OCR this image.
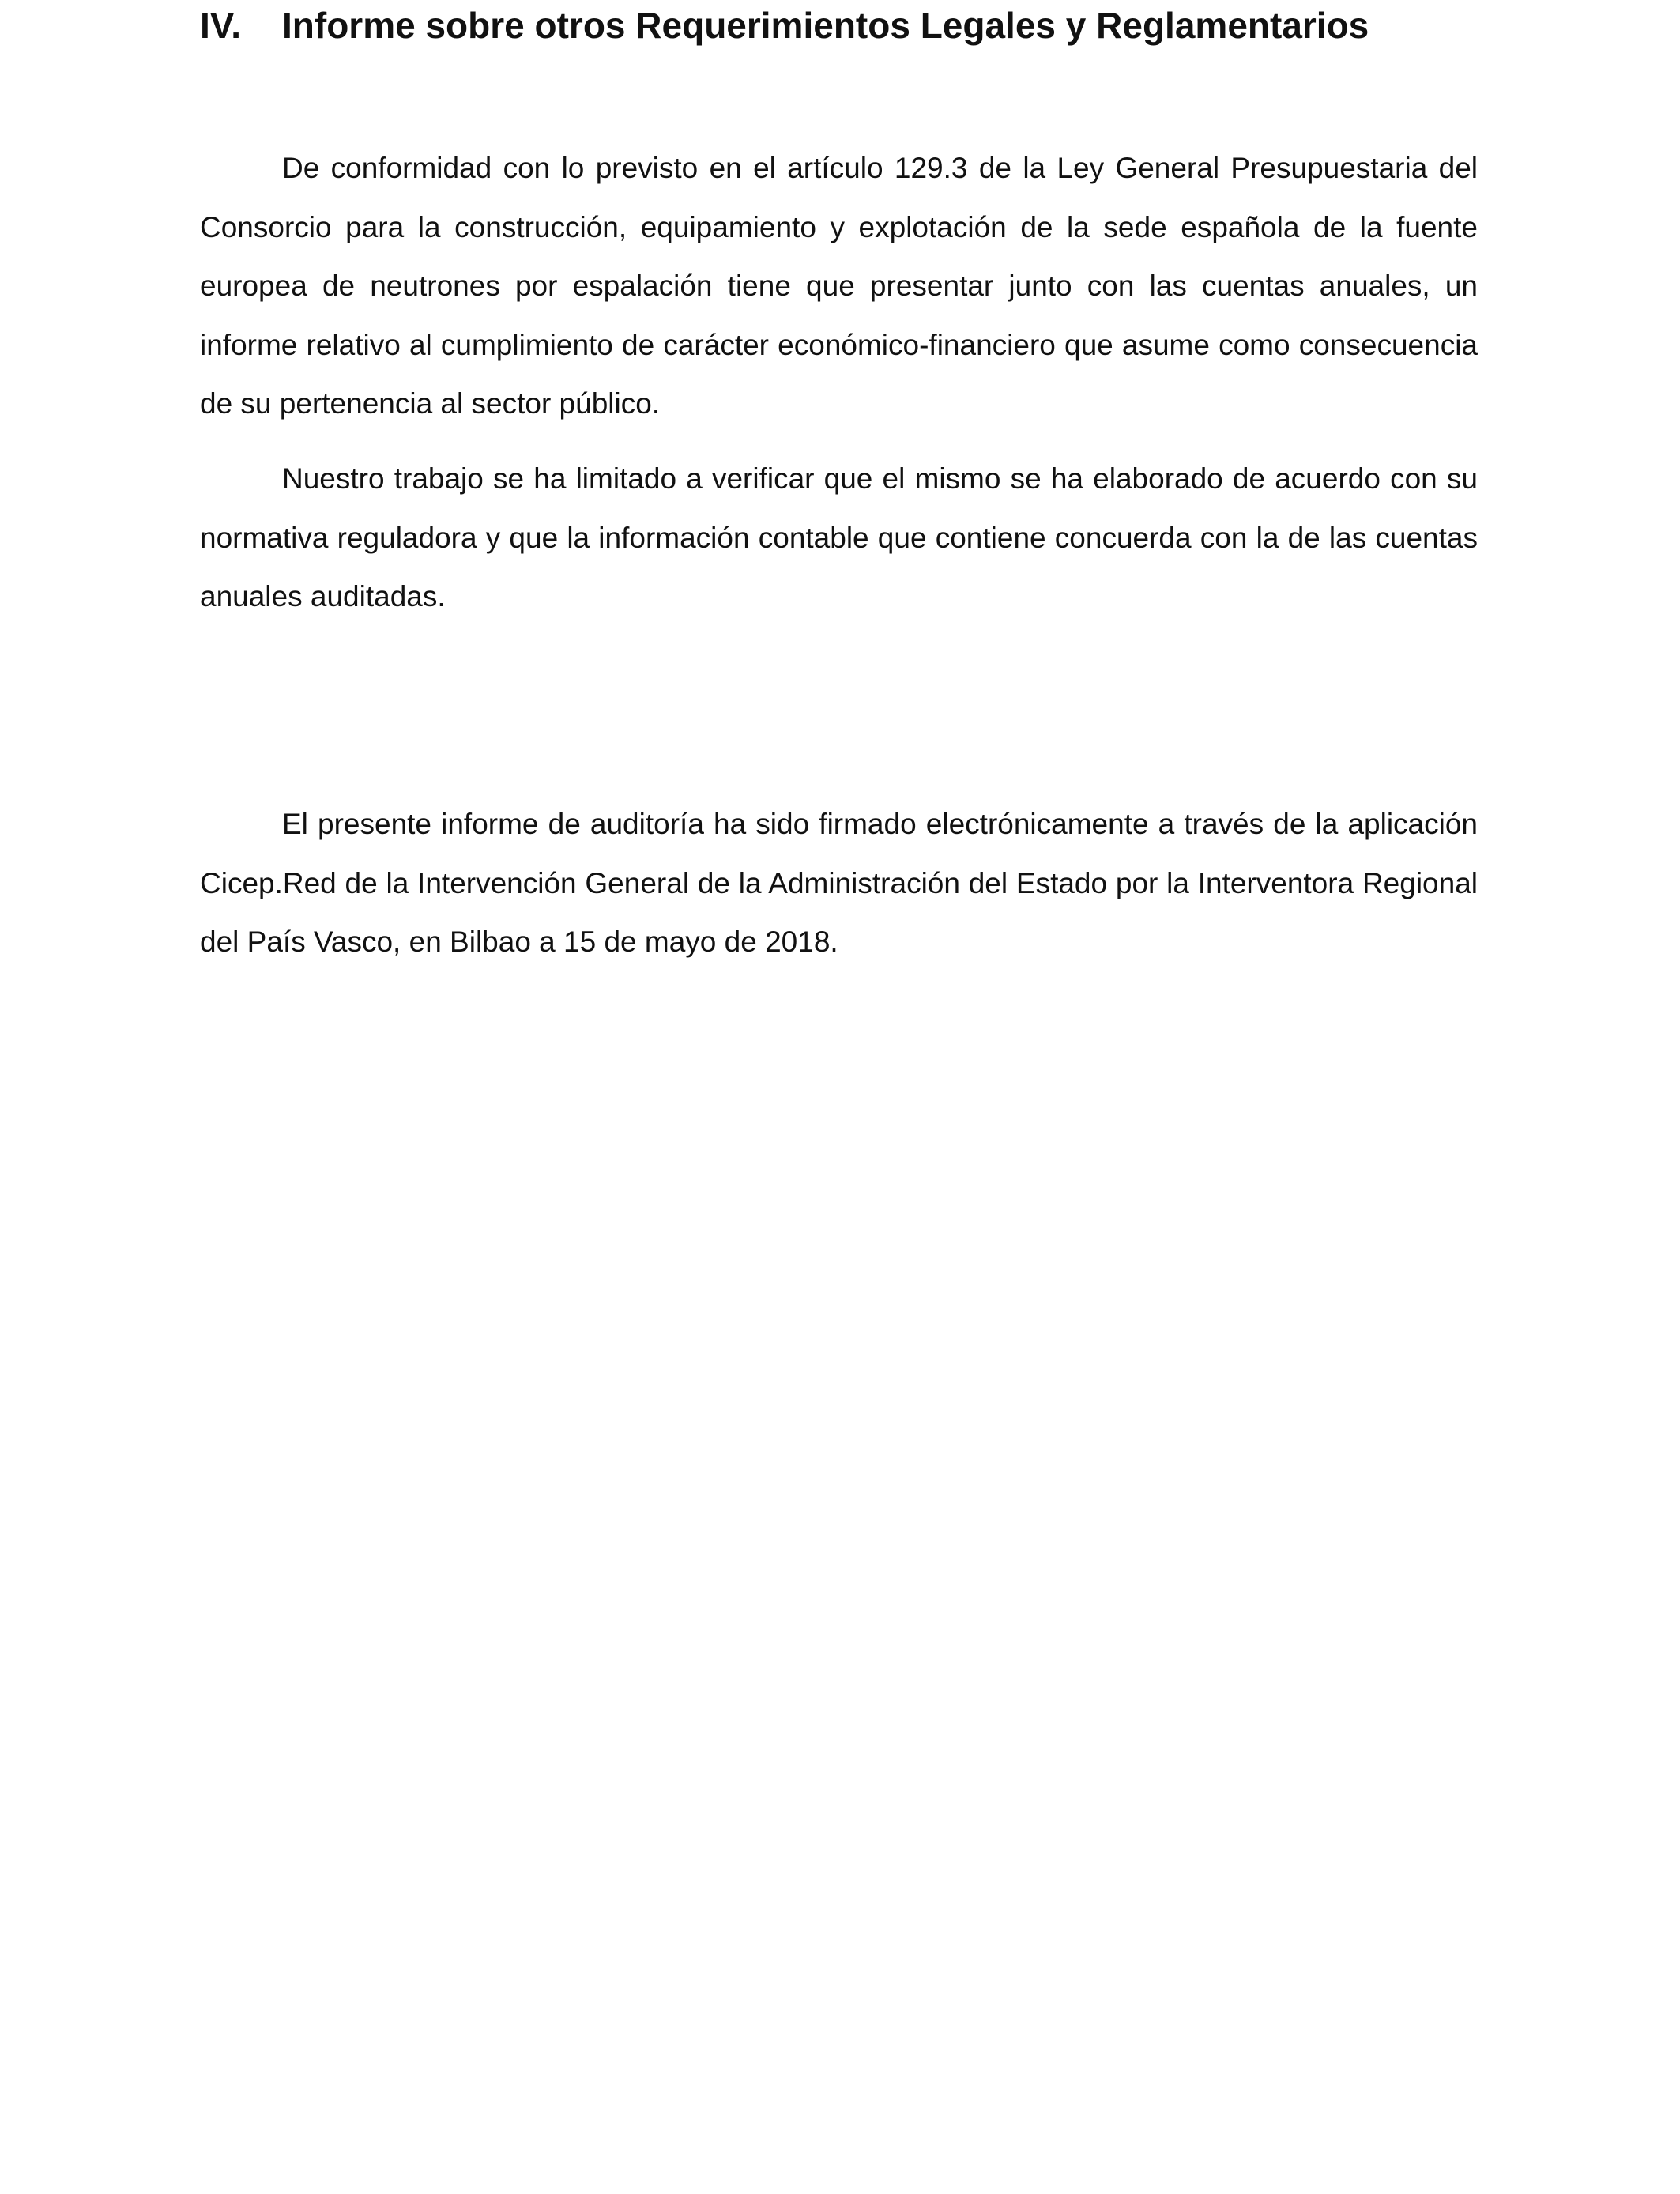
IV. Informe sobre otros Requerimientos Legales y Reglamentarios

De conformidad con lo previsto en el artículo 129.3 de la Ley General Presupuestaria del Consorcio para la construcción, equipamiento y explotación de la sede española de la fuente europea de neutrones por espalación tiene que presentar junto con las cuentas anuales, un informe relativo al cumplimiento de carácter económico-financiero que asume como consecuencia de su pertenencia al sector público.

Nuestro trabajo se ha limitado a verificar que el mismo se ha elaborado de acuerdo con su normativa reguladora y que la información contable que contiene concuerda con la de las cuentas anuales auditadas.

El presente informe de auditoría ha sido firmado electrónicamente a través de la aplicación Cicep.Red de la Intervención General de la Administración del Estado por la Interventora Regional del País Vasco, en Bilbao a 15 de mayo de 2018.
